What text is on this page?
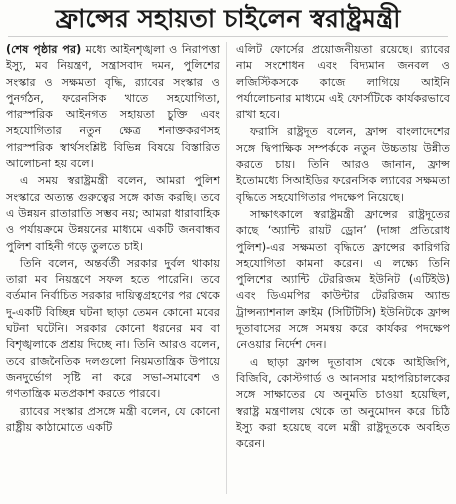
ফ্রান্সের সহায়তা চাইলেন স্বরাষ্ট্রমন্ত্রী

(শেষ পৃষ্ঠার পর) মধ্যে আইনশৃঙ্খলা ও নিরাপত্তা ইস্যু, মব নিয়ন্ত্রণ, সন্ত্রাসবাদ দমন, পুলিশের সংস্কার ও সক্ষমতা বৃদ্ধি, র‍্যাবের সংস্কার ও পুনর্গঠন, ফরেনসিক খাতে সহযোগিতা, পারস্পরিক আইনগত সহায়তা চুক্তি এবং সহযোগিতার নতুন ক্ষেত্র শনাক্তকরণসহ পারস্পরিক স্বার্থসংশ্লিষ্ট বিভিন্ন বিষয়ে বিস্তারিত আলোচনা হয় বলে।

এ সময় স্বরাষ্ট্রমন্ত্রী বলেন, আমরা পুলিশ সংস্কারে অত্যন্ত গুরুত্বের সঙ্গে কাজ করছি। তবে এ উন্নয়ন রাতারাতি সম্ভব নয়; আমরা ধারাবাহিক ও পর্যায়ক্রমে উন্নয়নের মাধ্যমে একটি জনবান্ধব পুলিশ বাহিনী গড়ে তুলতে চাই।

তিনি বলেন, অন্তর্বর্তী সরকার দুর্বল থাকায় তারা মব নিয়ন্ত্রণে সফল হতে পারেনি। তবে বর্তমান নির্বাচিত সরকার দায়িত্বগ্রহণের পর থেকে দু-একটি বিচ্ছিন্ন ঘটনা ছাড়া তেমন কোনো মবের ঘটনা ঘটেনি। সরকার কোনো ধরনের মব বা বিশৃঙ্খলাকে প্রশ্রয় দিচ্ছে না। তিনি আরও বলেন, তবে রাজনৈতিক দলগুলো নিয়মতান্ত্রিক উপায়ে জনদুর্ভোগ সৃষ্টি না করে সভা-সমাবেশ ও গণতান্ত্রিক মতপ্রকাশ করতে পারবে।

র‍্যাবের সংস্কার প্রসঙ্গে মন্ত্রী বলেন, যে কোনো রাষ্ট্রীয় কাঠামোতে একটি

এলিট ফোর্সের প্রয়োজনীয়তা রয়েছে। র‍্যাবের নাম সংশোধন এবং বিদ্যমান জনবল ও লজিস্টিকসকে কাজে লাগিয়ে আইনি পর্যালোচনার মাধ্যমে এই ফোর্সটিকে কার্যকরভাবে রাখা হবে।

ফরাসি রাষ্ট্রদূত বলেন, ফ্রান্স বাংলাদেশের সঙ্গে দ্বিপাক্ষিক সম্পর্ককে নতুন উচ্চতায় উন্নীত করতে চায়। তিনি আরও জানান, ফ্রান্স ইতোমধ্যে সিআইডির ফরেনসিক ল্যাবের সক্ষমতা বৃদ্ধিতে সহযোগিতার পদক্ষেপ নিয়েছে।

সাক্ষাৎকালে স্বরাষ্ট্রমন্ত্রী ফ্রান্সের রাষ্ট্রদূতের কাছে ‘অ্যান্টি রায়ট ড্রোন’ (দাঙ্গা প্রতিরোধ পুলিশ)-এর সক্ষমতা বৃদ্ধিতে ফ্রান্সের কারিগরি সহযোগিতা কামনা করেন। এ লক্ষ্যে তিনি পুলিশের অ্যান্টি টেররিজম ইউনিট (এটিইউ) এবং ডিএমপির কাউন্টার টেররিজম অ্যান্ড ট্রান্সন্যাশনাল ক্রাইম (সিটিটিসি) ইউনিটকে ফ্রান্স দূতাবাসের সঙ্গে সমন্বয় করে কার্যকর পদক্ষেপ নেওয়ার নির্দেশ দেন।

এ ছাড়া ফ্রান্স দূতাবাস থেকে আইজিপি, বিজিবি, কোস্টগার্ড ও আনসার মহাপরিচালকের সঙ্গে সাক্ষাতের যে অনুমতি চাওয়া হয়েছিল, স্বরাষ্ট্র মন্ত্রণালয় থেকে তা অনুমোদন করে চিঠি ইস্যু করা হয়েছে বলে মন্ত্রী রাষ্ট্রদূতকে অবহিত করেন।
